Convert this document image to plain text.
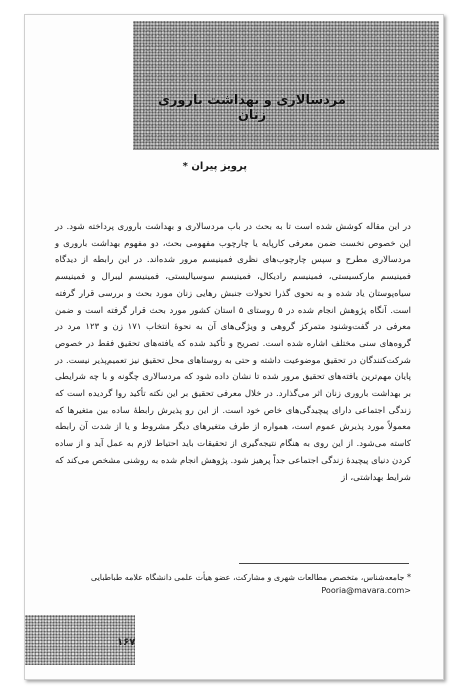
مردسالاری و بهداشت باروری زنان
پرویز پیران *
در این مقاله کوشش شده است تا به بحث در باب مردسالاری و بهداشت باروری پرداخته شود. در این خصوص نخست ضمن معرفی کارپایه یا چارچوب مفهومی بحث، دو مفهوم بهداشت باروری و مردسالاری مطرح و سپس چارچوب‌های نظری فمینیسم مرور شده‌اند. در این رابطه از دیدگاه فمینیسم مارکسیستی، فمینیسم رادیکال، فمینیسم سوسیالیستی، فمینیسم لیبرال و فمینیسم سیاه‌پوستان یاد شده و به نحوی گذرا تحولات جنبش رهایی زنان مورد بحث و بررسی قرار گرفته است. آنگاه پژوهش انجام شده در ۵ روستای ۵ استان کشور مورد بحث قرار گرفته است و ضمن معرفی در گفت‌وشنود متمرکز گروهی و ویژگی‌های آن به نحوهٔ انتخاب ۱۷۱ زن و ۱۲۳ مرد در گروه‌های سنی مختلف اشاره شده است. تصریح و تأکید شده که یافته‌های تحقیق فقط در خصوص شرکت‌کنندگان در تحقیق موضوعیت داشته و حتی به روستاهای محل تحقیق نیز تعمیم‌پذیر نیست. در پایان مهم‌ترین یافته‌های تحقیق مرور شده تا نشان داده شود که مردسالاری چگونه و با چه شرایطی بر بهداشت باروری زنان اثر می‌گذارد. در خلال معرفی تحقیق بر این نکته تأکید روا گردیده است که زندگی اجتماعی دارای پیچیدگی‌های خاص خود است. از این رو پذیرش رابطهٔ ساده بین متغیرها که معمولاً مورد پذیرش عموم است، همواره از طرف متغیرهای دیگر مشروط و یا از شدت آن رابطه کاسته می‌شود. از این روی به هنگام نتیجه‌گیری از تحقیقات باید احتیاط لازم به عمل آید و از ساده کردن دنیای پیچیدهٔ زندگی اجتماعی جداً پرهیز شود. پژوهش انجام شده به روشنی مشخص می‌کند که شرایط بهداشتی، از
* جامعه‌شناس، متخصص مطالعات شهری و مشارکت، عضو هیأت علمی دانشگاه علامه طباطبایی
Pooria@mavara.com>
۱۶۷
